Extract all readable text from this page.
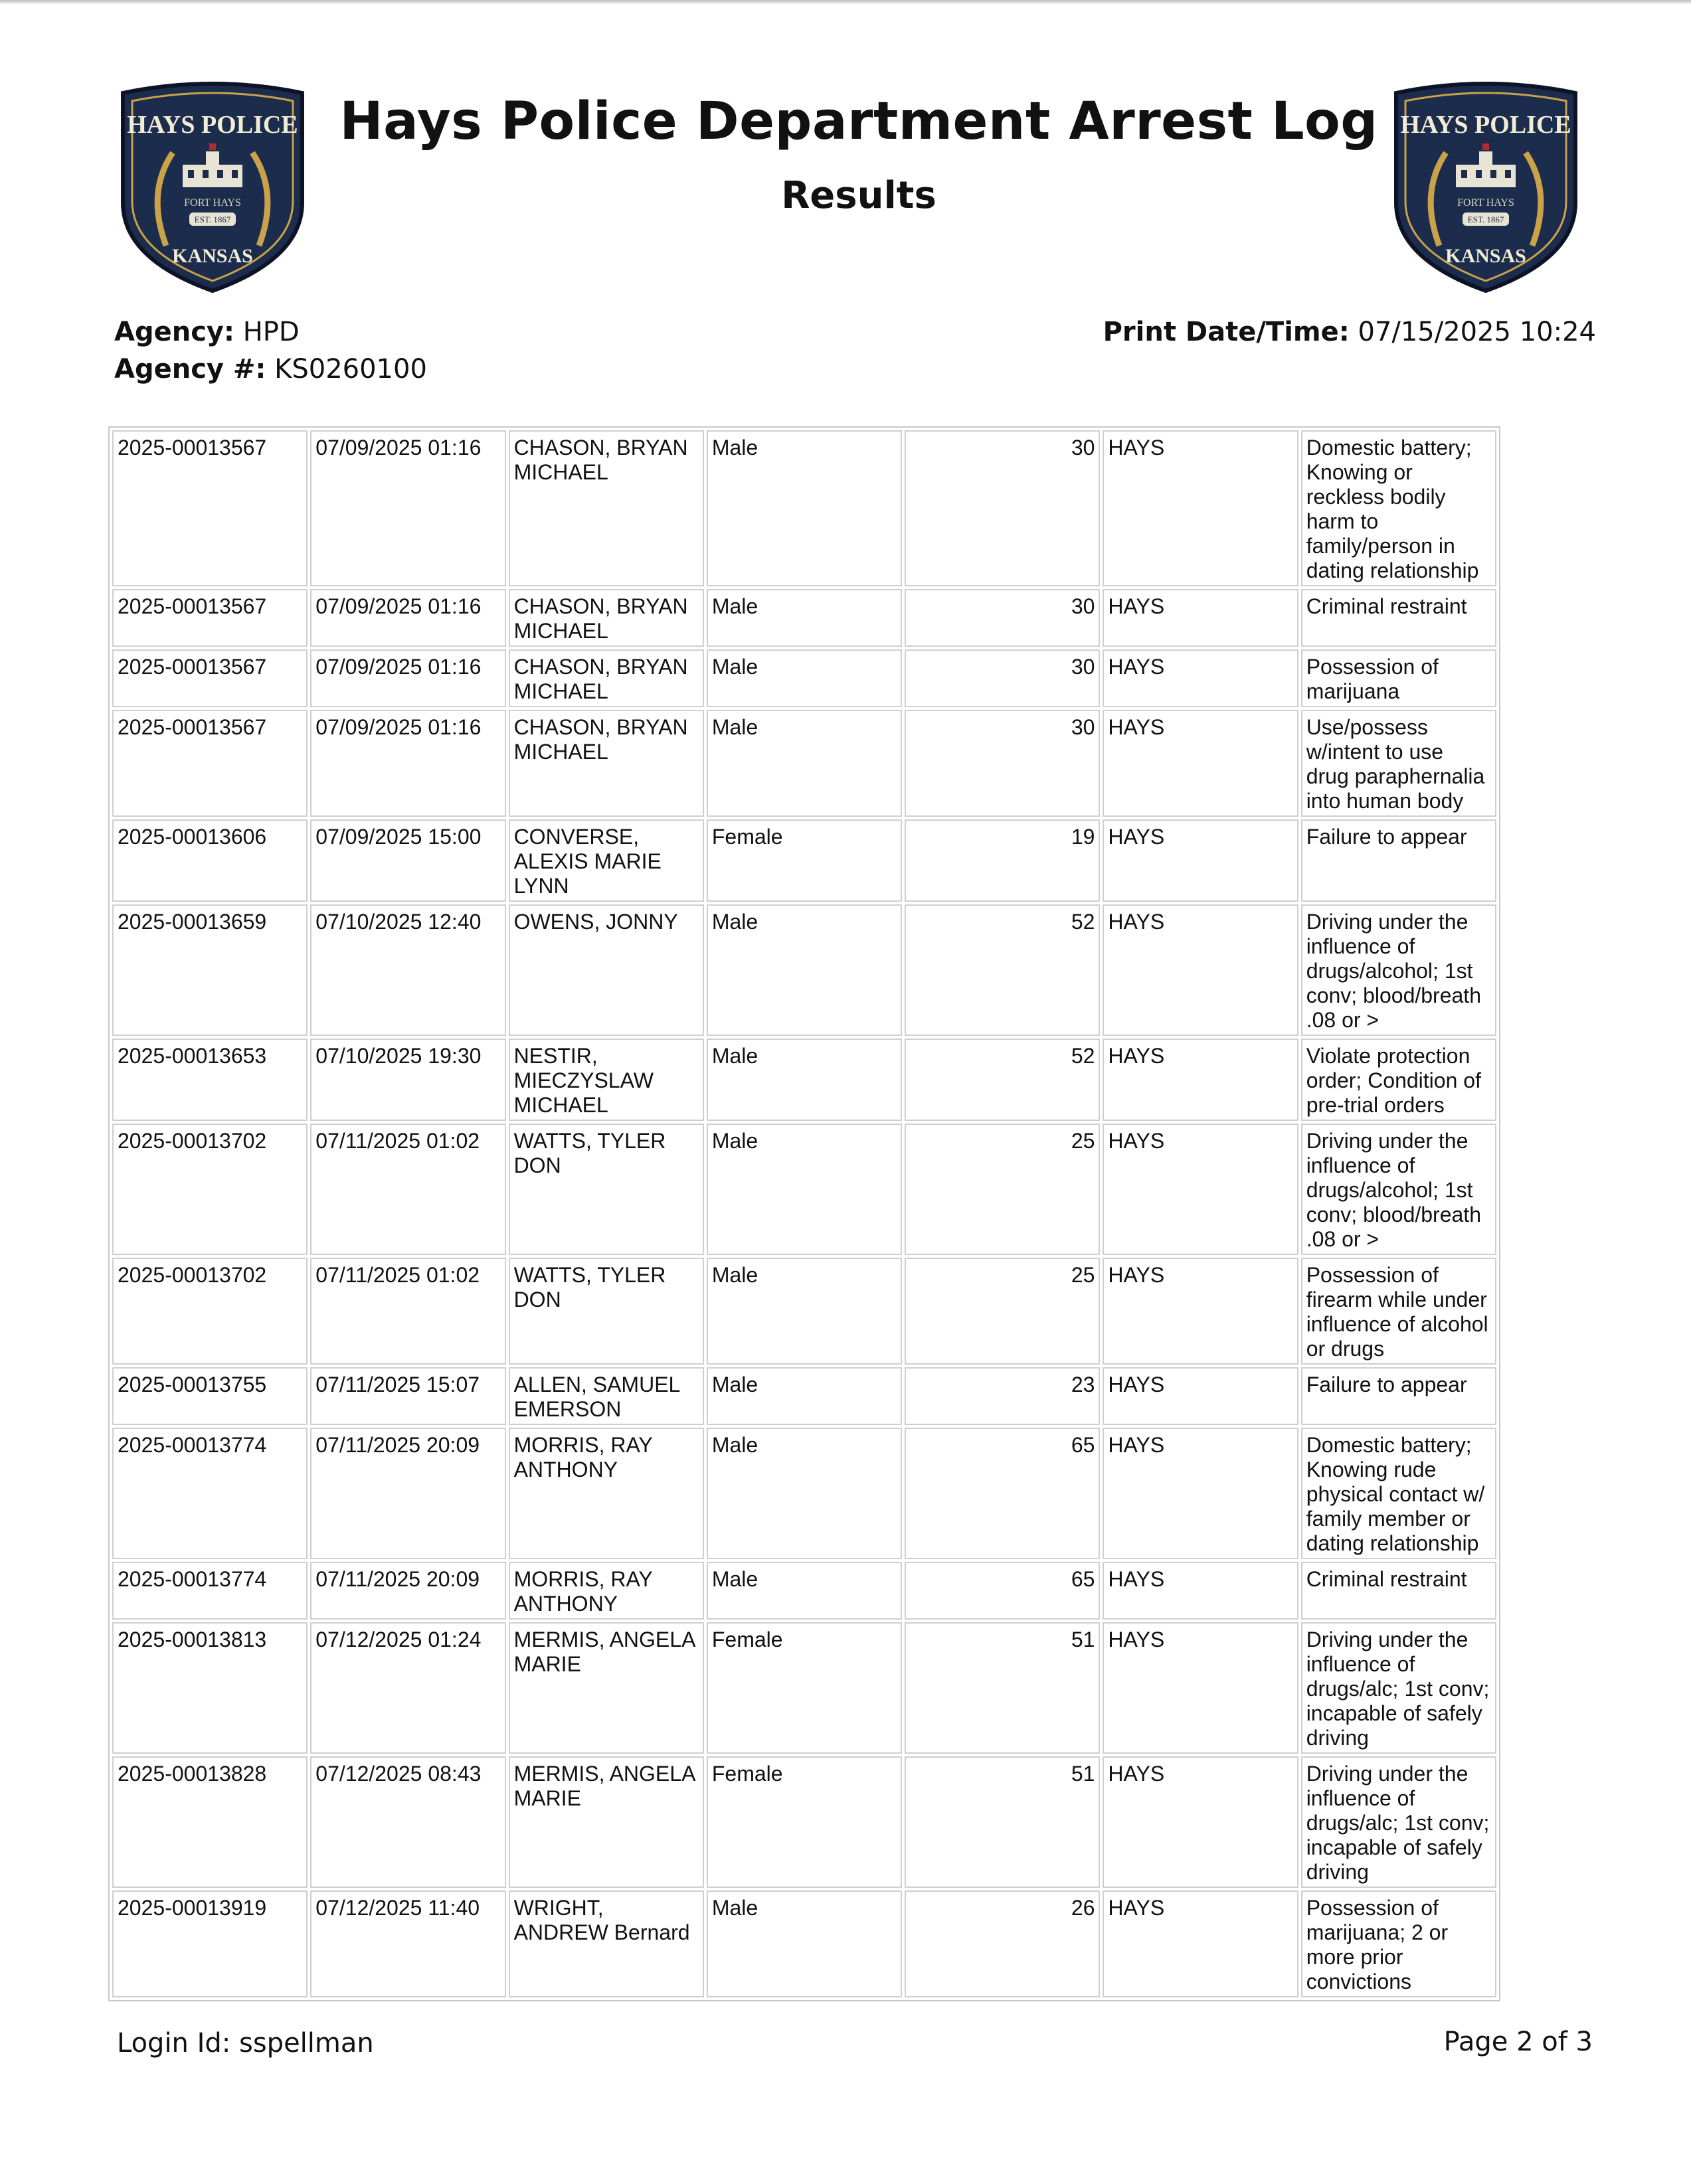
HAYS POLICE
FORT HAYS
EST. 1867
KANSAS
HAYS POLICE
FORT HAYS
EST. 1867
KANSAS
Hays Police Department Arrest Log
Results
Agency: HPD
Agency #: KS0260100
Print Date/Time: 07/15/2025 10:24
2025-00013567	07/09/2025 01:16	CHASON, BRYAN MICHAEL	Male	30	HAYS	Domestic battery; Knowing or reckless bodily harm to family/person in dating relationship
2025-00013567	07/09/2025 01:16	CHASON, BRYAN MICHAEL	Male	30	HAYS	Criminal restraint
2025-00013567	07/09/2025 01:16	CHASON, BRYAN MICHAEL	Male	30	HAYS	Possession of marijuana
2025-00013567	07/09/2025 01:16	CHASON, BRYAN MICHAEL	Male	30	HAYS	Use/possess w/intent to use drug paraphernalia into human body
2025-00013606	07/09/2025 15:00	CONVERSE, ALEXIS MARIE LYNN	Female	19	HAYS	Failure to appear
2025-00013659	07/10/2025 12:40	OWENS, JONNY	Male	52	HAYS	Driving under the influence of drugs/alcohol; 1st conv; blood/breath .08 or >
2025-00013653	07/10/2025 19:30	NESTIR, MIECZYSLAW MICHAEL	Male	52	HAYS	Violate protection order; Condition of pre-trial orders
2025-00013702	07/11/2025 01:02	WATTS, TYLER DON	Male	25	HAYS	Driving under the influence of drugs/alcohol; 1st conv; blood/breath .08 or >
2025-00013702	07/11/2025 01:02	WATTS, TYLER DON	Male	25	HAYS	Possession of firearm while under influence of alcohol or drugs
2025-00013755	07/11/2025 15:07	ALLEN, SAMUEL EMERSON	Male	23	HAYS	Failure to appear
2025-00013774	07/11/2025 20:09	MORRIS, RAY ANTHONY	Male	65	HAYS	Domestic battery; Knowing rude physical contact w/ family member or dating relationship
2025-00013774	07/11/2025 20:09	MORRIS, RAY ANTHONY	Male	65	HAYS	Criminal restraint
2025-00013813	07/12/2025 01:24	MERMIS, ANGELA MARIE	Female	51	HAYS	Driving under the influence of drugs/alc; 1st conv; incapable of safely driving
2025-00013828	07/12/2025 08:43	MERMIS, ANGELA MARIE	Female	51	HAYS	Driving under the influence of drugs/alc; 1st conv; incapable of safely driving
2025-00013919	07/12/2025 11:40	WRIGHT, ANDREW Bernard	Male	26	HAYS	Possession of marijuana; 2 or more prior convictions
Login Id: sspellman	Page 2 of 3
